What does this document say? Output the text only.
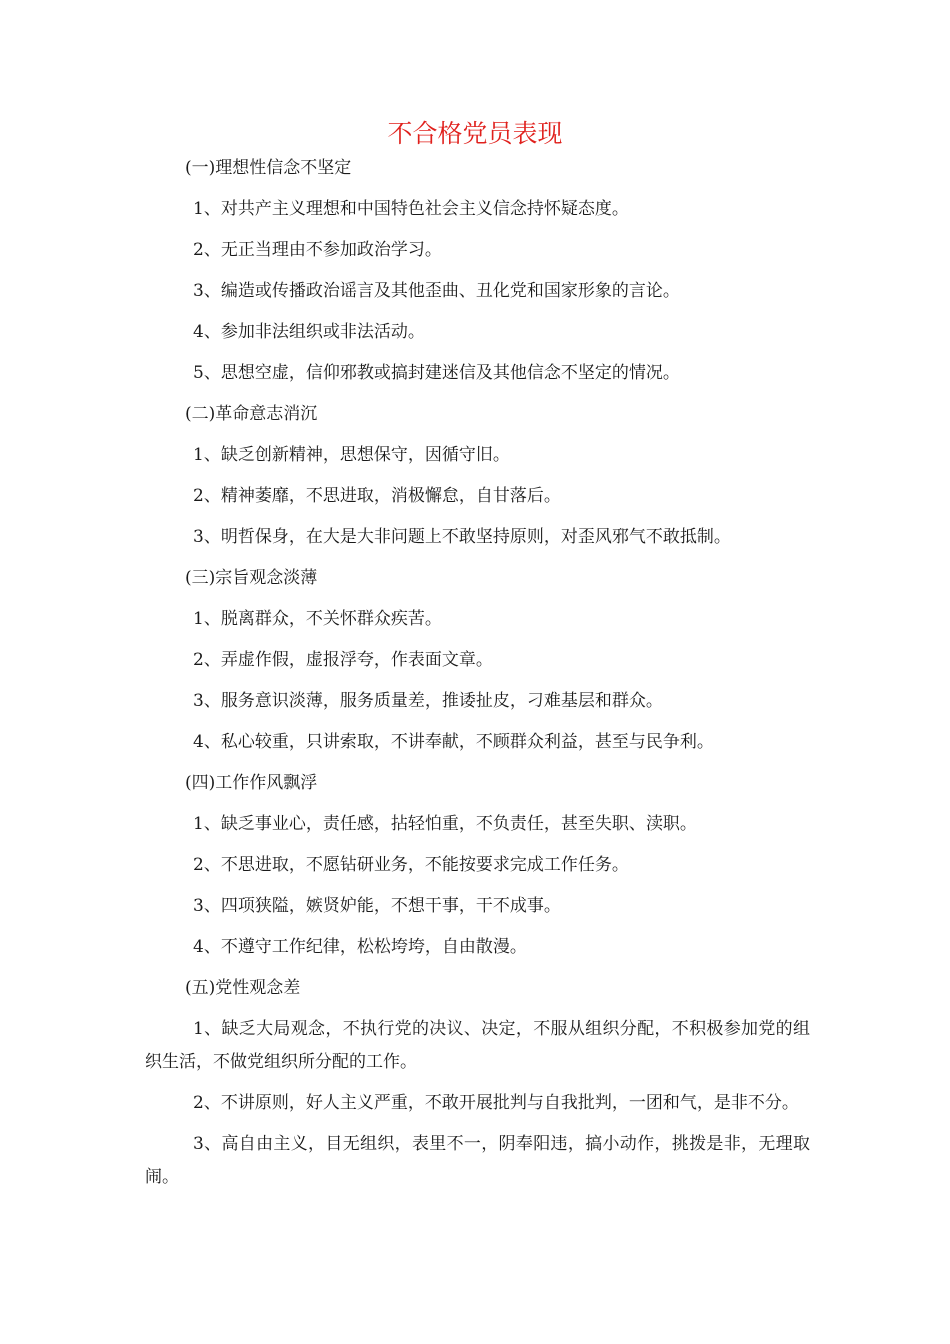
不合格党员表现
(一)理想性信念不坚定
1、对共产主义理想和中国特色社会主义信念持怀疑态度。
2、无正当理由不参加政治学习。
3、编造或传播政治谣言及其他歪曲、丑化党和国家形象的言论。
4、参加非法组织或非法活动。
5、思想空虚，信仰邪教或搞封建迷信及其他信念不坚定的情况。
(二)革命意志消沉
1、缺乏创新精神，思想保守，因循守旧。
2、精神萎靡，不思进取，消极懈怠，自甘落后。
3、明哲保身，在大是大非问题上不敢坚持原则，对歪风邪气不敢抵制。
(三)宗旨观念淡薄
1、脱离群众，不关怀群众疾苦。
2、弄虚作假，虚报浮夸，作表面文章。
3、服务意识淡薄，服务质量差，推诿扯皮，刁难基层和群众。
4、私心较重，只讲索取，不讲奉献，不顾群众利益，甚至与民争利。
(四)工作作风飘浮
1、缺乏事业心，责任感，拈轻怕重，不负责任，甚至失职、渎职。
2、不思进取，不愿钻研业务，不能按要求完成工作任务。
3、四项狭隘，嫉贤妒能，不想干事，干不成事。
4、不遵守工作纪律，松松垮垮，自由散漫。
(五)党性观念差
1、缺乏大局观念，不执行党的决议、决定，不服从组织分配，不积极参加党的组织生活，不做党组织所分配的工作。
2、不讲原则，好人主义严重，不敢开展批判与自我批判，一团和气，是非不分。
3、高自由主义，目无组织，表里不一，阴奉阳违，搞小动作，挑拨是非，无理取闹。
